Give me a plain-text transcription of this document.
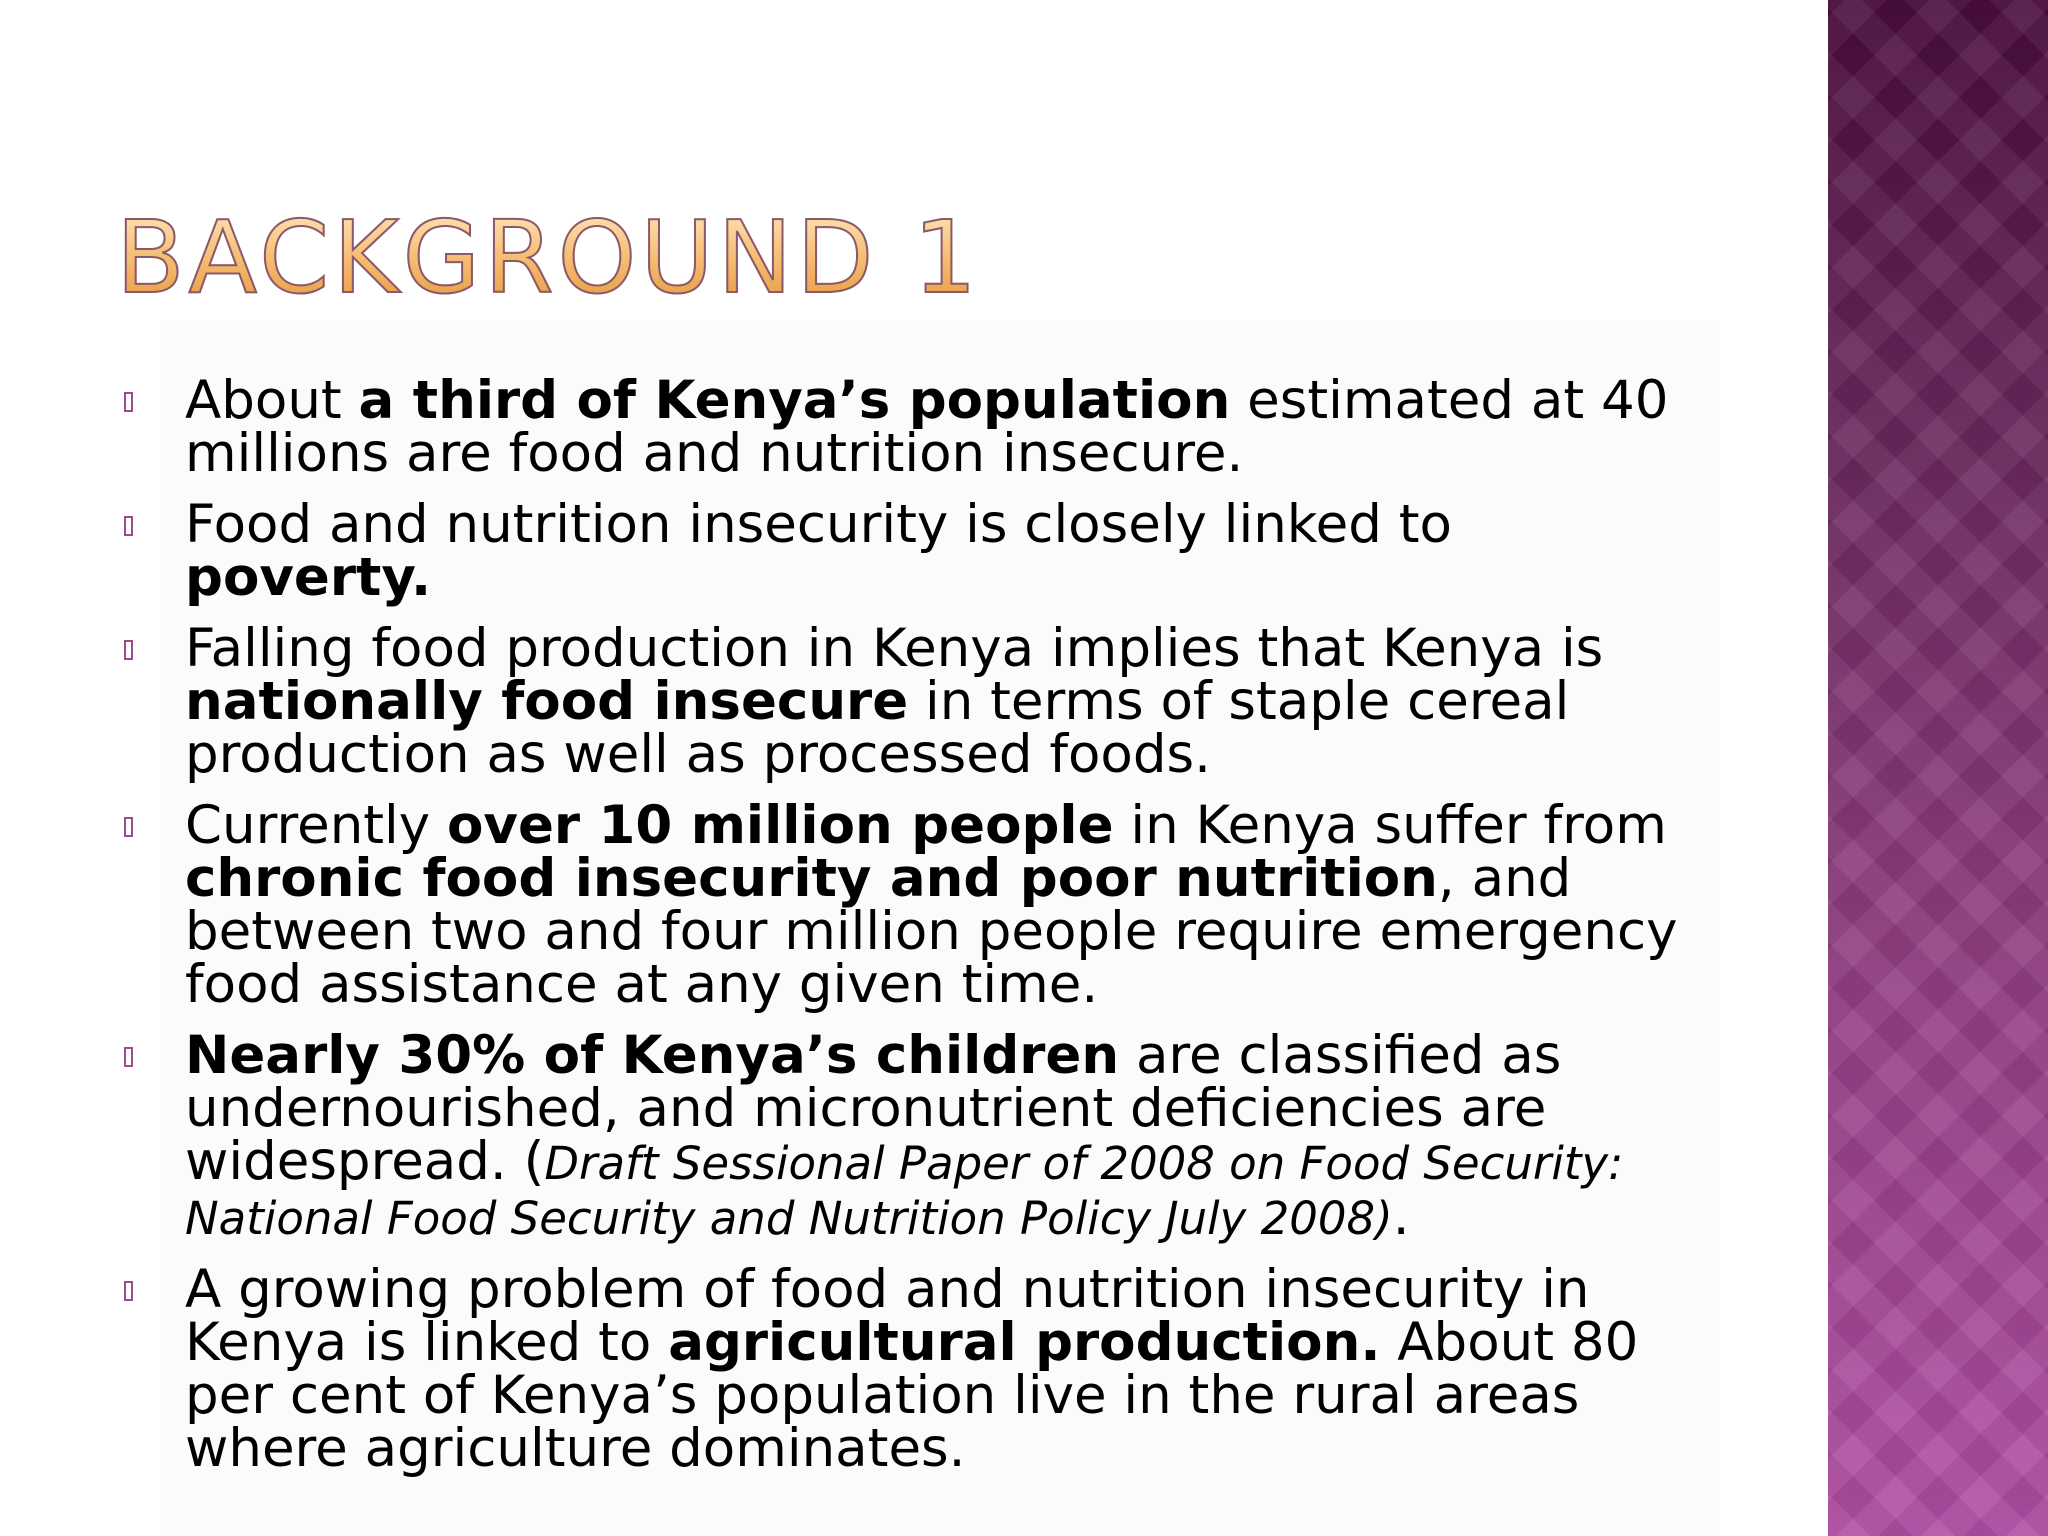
BACKGROUND 1
About a third of Kenya’s population estimated at 40 millions are food and nutrition insecure.
Food and nutrition insecurity is closely linked to poverty.
Falling food production in Kenya implies that Kenya is nationally food insecure in terms of staple cereal production as well as processed foods.
Currently over 10 million people in Kenya suffer from chronic food insecurity and poor nutrition, and between two and four million people require emergency food assistance at any given time.
Nearly 30% of Kenya’s children are classified as undernourished, and micronutrient deficiencies are widespread. (Draft Sessional Paper of 2008 on Food Security: National Food Security and Nutrition Policy July 2008).
A growing problem of food and nutrition insecurity in Kenya is linked to agricultural production. About 80 per cent of Kenya’s population live in the rural areas where agriculture dominates.
